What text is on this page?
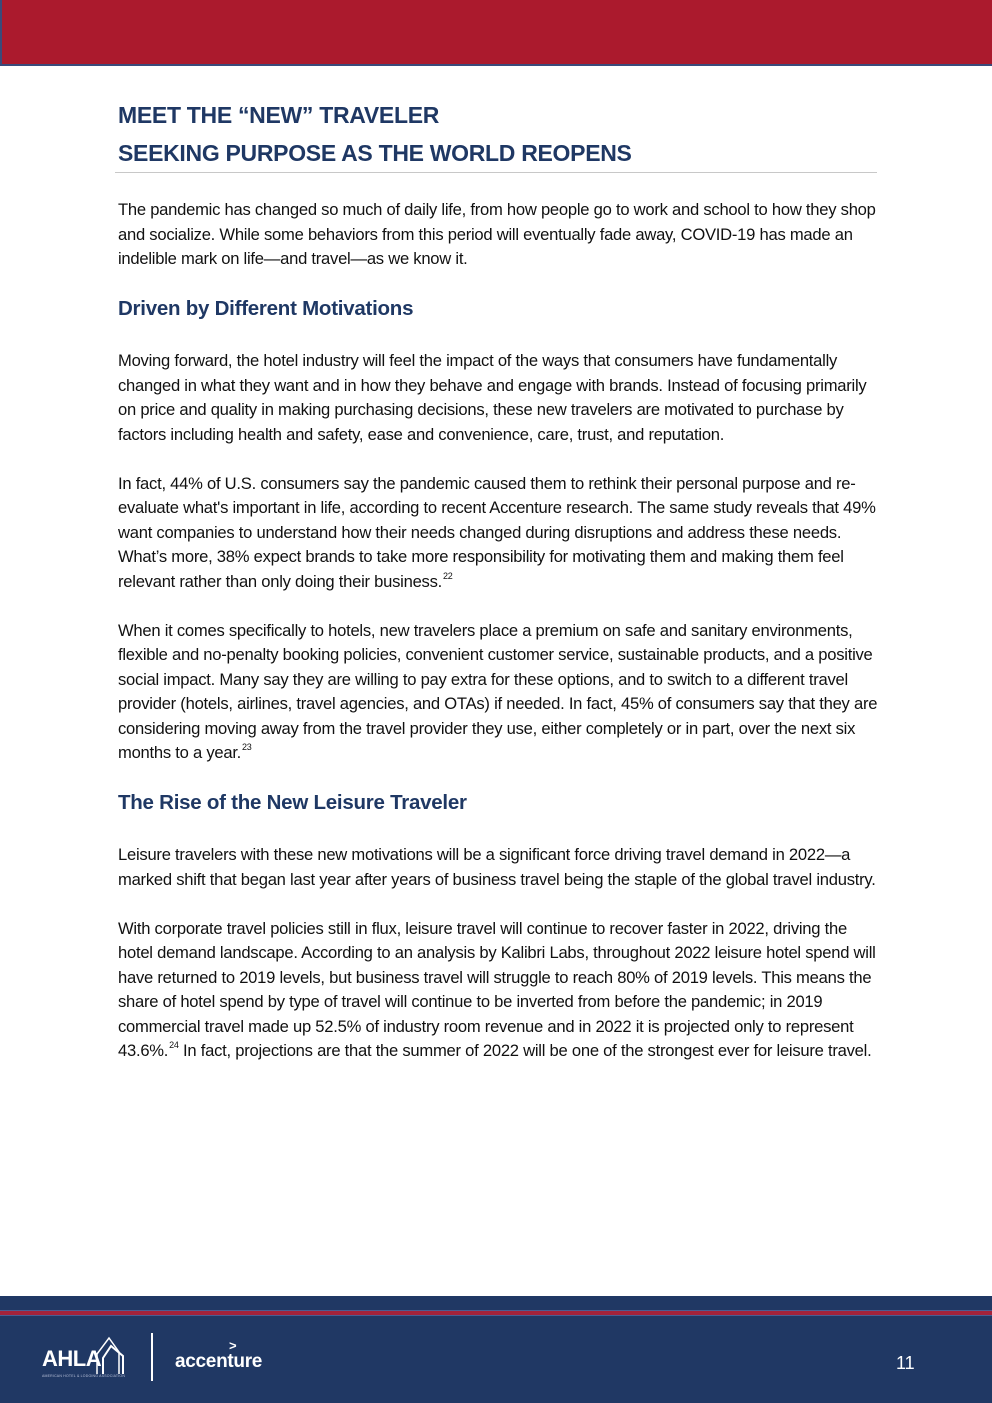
MEET THE “NEW” TRAVELER
SEEKING PURPOSE AS THE WORLD REOPENS

The pandemic has changed so much of daily life, from how people go to work and school to how they shop and socialize. While some behaviors from this period will eventually fade away, COVID-19 has made an indelible mark on life—and travel—as we know it.

Driven by Different Motivations

Moving forward, the hotel industry will feel the impact of the ways that consumers have fundamentally changed in what they want and in how they behave and engage with brands. Instead of focusing primarily on price and quality in making purchasing decisions, these new travelers are motivated to purchase by factors including health and safety, ease and convenience, care, trust, and reputation.

In fact, 44% of U.S. consumers say the pandemic caused them to rethink their personal purpose and re-evaluate what's important in life, according to recent Accenture research. The same study reveals that 49% want companies to understand how their needs changed during disruptions and address these needs. What’s more, 38% expect brands to take more responsibility for motivating them and making them feel relevant rather than only doing their business.$^{22}$

When it comes specifically to hotels, new travelers place a premium on safe and sanitary environments, flexible and no-penalty booking policies, convenient customer service, sustainable products, and a positive social impact. Many say they are willing to pay extra for these options, and to switch to a different travel provider (hotels, airlines, travel agencies, and OTAs) if needed. In fact, 45% of consumers say that they are considering moving away from the travel provider they use, either completely or in part, over the next six months to a year.$^{23}$

The Rise of the New Leisure Traveler

Leisure travelers with these new motivations will be a significant force driving travel demand in 2022—a marked shift that began last year after years of business travel being the staple of the global travel industry.

With corporate travel policies still in flux, leisure travel will continue to recover faster in 2022, driving the hotel demand landscape. According to an analysis by Kalibri Labs, throughout 2022 leisure hotel spend will have returned to 2019 levels, but business travel will struggle to reach 80% of 2019 levels. This means the share of hotel spend by type of travel will continue to be inverted from before the pandemic; in 2019 commercial travel made up 52.5% of industry room revenue and in 2022 it is projected only to represent 43.6%.$^{24}$ In fact, projections are that the summer of 2022 will be one of the strongest ever for leisure travel.

AHLA
AMERICAN HOTEL & LODGING ASSOCIATION
>
accenture	11
